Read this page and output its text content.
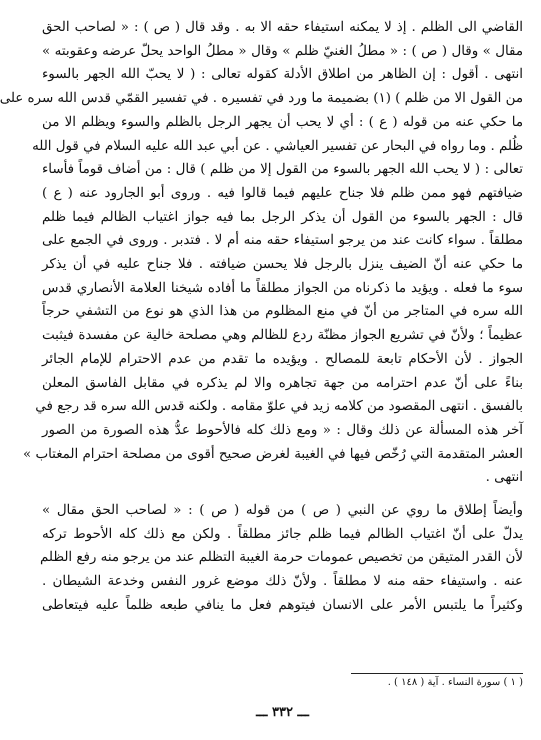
القاضي الى الظلم . إذ لا يمكنه استيفاء حقه الا به . وقد قال ( ص ) : « لصاحب الحق
مقال » وقال ( ص ) : « مطلُ الغنيّ ظلم » وقال « مطلُ الواحد يحلّ عرضه وعقوبته »
انتهى . أقول : إن الظاهر من اطلاق الأدلة كقوله تعالى : ( لا يحبّ الله الجهر بالسوء
من القول الا من ظلم ) (١) بضميمة ما ورد في تفسيره . في تفسير القمّي قدس الله سره على
ما حكي عنه من قوله ( ع ) : أي لا يحب أن يجهر الرجل بالظلم والسوء ويظلم الا من
ظُلم . وما رواه في البحار عن تفسير العياشي . عن أبي عبد الله عليه السلام في قول الله
تعالى : ( لا يحب الله الجهر بالسوء من القول إلا من ظلم ) قال : من أضاف قوماً فأساء
ضيافتهم فهو ممن ظلم فلا جناح عليهم فيما قالوا فيه . وروى أبو الجارود عنه ( ع )
قال : الجهر بالسوء من القول أن يذكر الرجل بما فيه جواز اغتياب الظالم فيما ظلم
مطلقاً . سواء كانت عند من يرجو استيفاء حقه منه أم لا . فتدبر . وروى في الجمع على
ما حكي عنه أنّ الضيف ينزل بالرجل فلا يحسن ضيافته . فلا جناح عليه في أن يذكر
سوء ما فعله . ويؤيد ما ذكرناه من الجواز مطلقاً ما أفاده شيخنا العلامة الأنصاري قدس
الله سره في المتاجر من أنّ في منع المظلوم من هذا الذي هو نوع من التشفي حرجاً
عظيماً ؛ ولأنّ في تشريع الجواز مظنّة ردع للظالم وهي مصلحة خالية عن مفسدة فيثبت
الجواز . لأن الأحكام تابعة للمصالح . ويؤيده ما تقدم من عدم الاحترام للإمام الجائر
بناءً على أنّ عدم احترامه من جهة تجاهره والا لم يذكره في مقابل الفاسق المعلن
بالفسق . انتهى المقصود من كلامه زيد في علوّ مقامه . ولكنه قدس الله سره قد رجع في
آخر هذه المسألة عن ذلك وقال : « ومع ذلك كله فالأحوط عدُّ هذه الصورة من الصور
العشر المتقدمة التي رُخّص فيها في الغيبة لغرض صحيح أقوى من مصلحة احترام المغتاب »
انتهى .
وأيضاً إطلاق ما روي عن النبي ( ص ) من قوله ( ص ) : « لصاحب الحق مقال »
يدلّ على أنّ اغتياب الظالم فيما ظلم جائز مطلقاً . ولكن مع ذلك كله الأحوط تركه
لأن القدر المتيقن من تخصيص عمومات حرمة الغيبة التظلم عند من يرجو منه رفع الظلم
عنه . واستيفاء حقه منه لا مطلقاً . ولأنّ ذلك موضع غرور النفس وخدعة الشيطان .
وكثيراً ما يلتبس الأمر على الانسان فيتوهم فعل ما ينافي طبعه ظلماً عليه فيتعاطى
( ١ ) سورة النساء . آية ( ١٤٨ ) .
ـــ ٣٣٢ ـــ
